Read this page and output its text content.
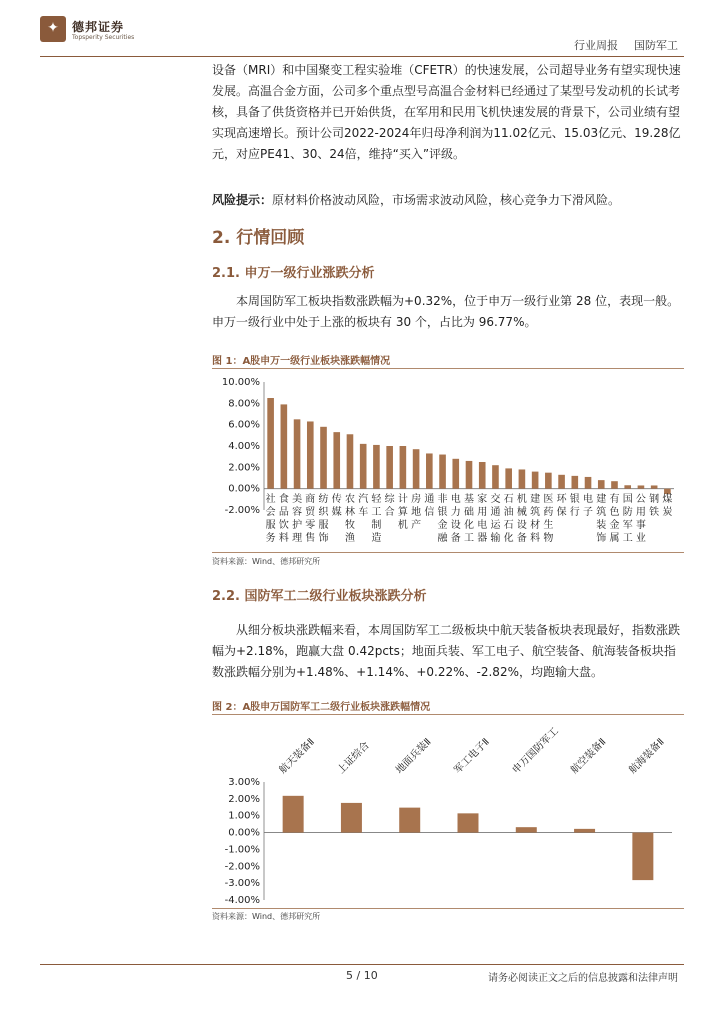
✦ 德邦证券
Topsperity Securities
行业周报 国防军工
设备（MRI）和中国聚变工程实验堆（CFETR）的快速发展，公司超导业务有望实现快速发展。高温合金方面，公司多个重点型号高温合金材料已经通过了某型号发动机的长试考核，具备了供货资格并已开始供货，在军用和民用飞机快速发展的背景下，公司业绩有望实现高速增长。预计公司2022-2024年归母净利润为11.02亿元、15.03亿元、19.28亿元，对应PE41、30、24倍，维持“买入”评级。
风险提示：原材料价格波动风险，市场需求波动风险，核心竞争力下滑风险。
2. 行情回顾
2.1. 申万一级行业涨跌分析
本周国防军工板块指数涨跌幅为+0.32%，位于申万一级行业第 28 位，表现一般。申万一级行业中处于上涨的板块有 30 个，占比为 96.77%。
图 1：A股申万一级行业板块涨跌幅情况
10.00%
8.00%
6.00%
4.00%
2.00%
0.00%
-2.00%
社
会
服
务
食
品
饮
料
美
容
护
理
商
贸
零
售
纺
织
服
饰
传
媒
农
林
牧
渔
汽
车
轻
工
制
造
综
合
计
算
机
房
地
产
通
信
非
银
金
融
电
力
设
备
基
础
化
工
家
用
电
器
交
通
运
输
石
油
石
化
机
械
设
备
建
筑
材
料
医
药
生
物
环
保
银
行
电
子
建
筑
装
饰
有
色
金
属
国
防
军
工
公
用
事
业
钢
铁
煤
炭
资料来源：Wind、德邦研究所
2.2. 国防军工二级行业板块涨跌分析
从细分板块涨跌幅来看，本周国防军工二级板块中航天装备板块表现最好，指数涨跌幅为+2.18%，跑赢大盘 0.42pcts；地面兵装、军工电子、航空装备、航海装备板块指数涨跌幅分别为+1.48%、+1.14%、+0.22%、-2.82%，均跑输大盘。
图 2：A股申万国防军工二级行业板块涨跌幅情况
3.00%
2.00%
1.00%
0.00%
-1.00%
-2.00%
-3.00%
-4.00%
航天装备Ⅱ 上证综合 地面兵装Ⅱ 军工电子Ⅱ 申万国防军工 航空装备Ⅱ 航海装备Ⅱ
资料来源：Wind、德邦研究所
5 / 10	请务必阅读正文之后的信息披露和法律声明
